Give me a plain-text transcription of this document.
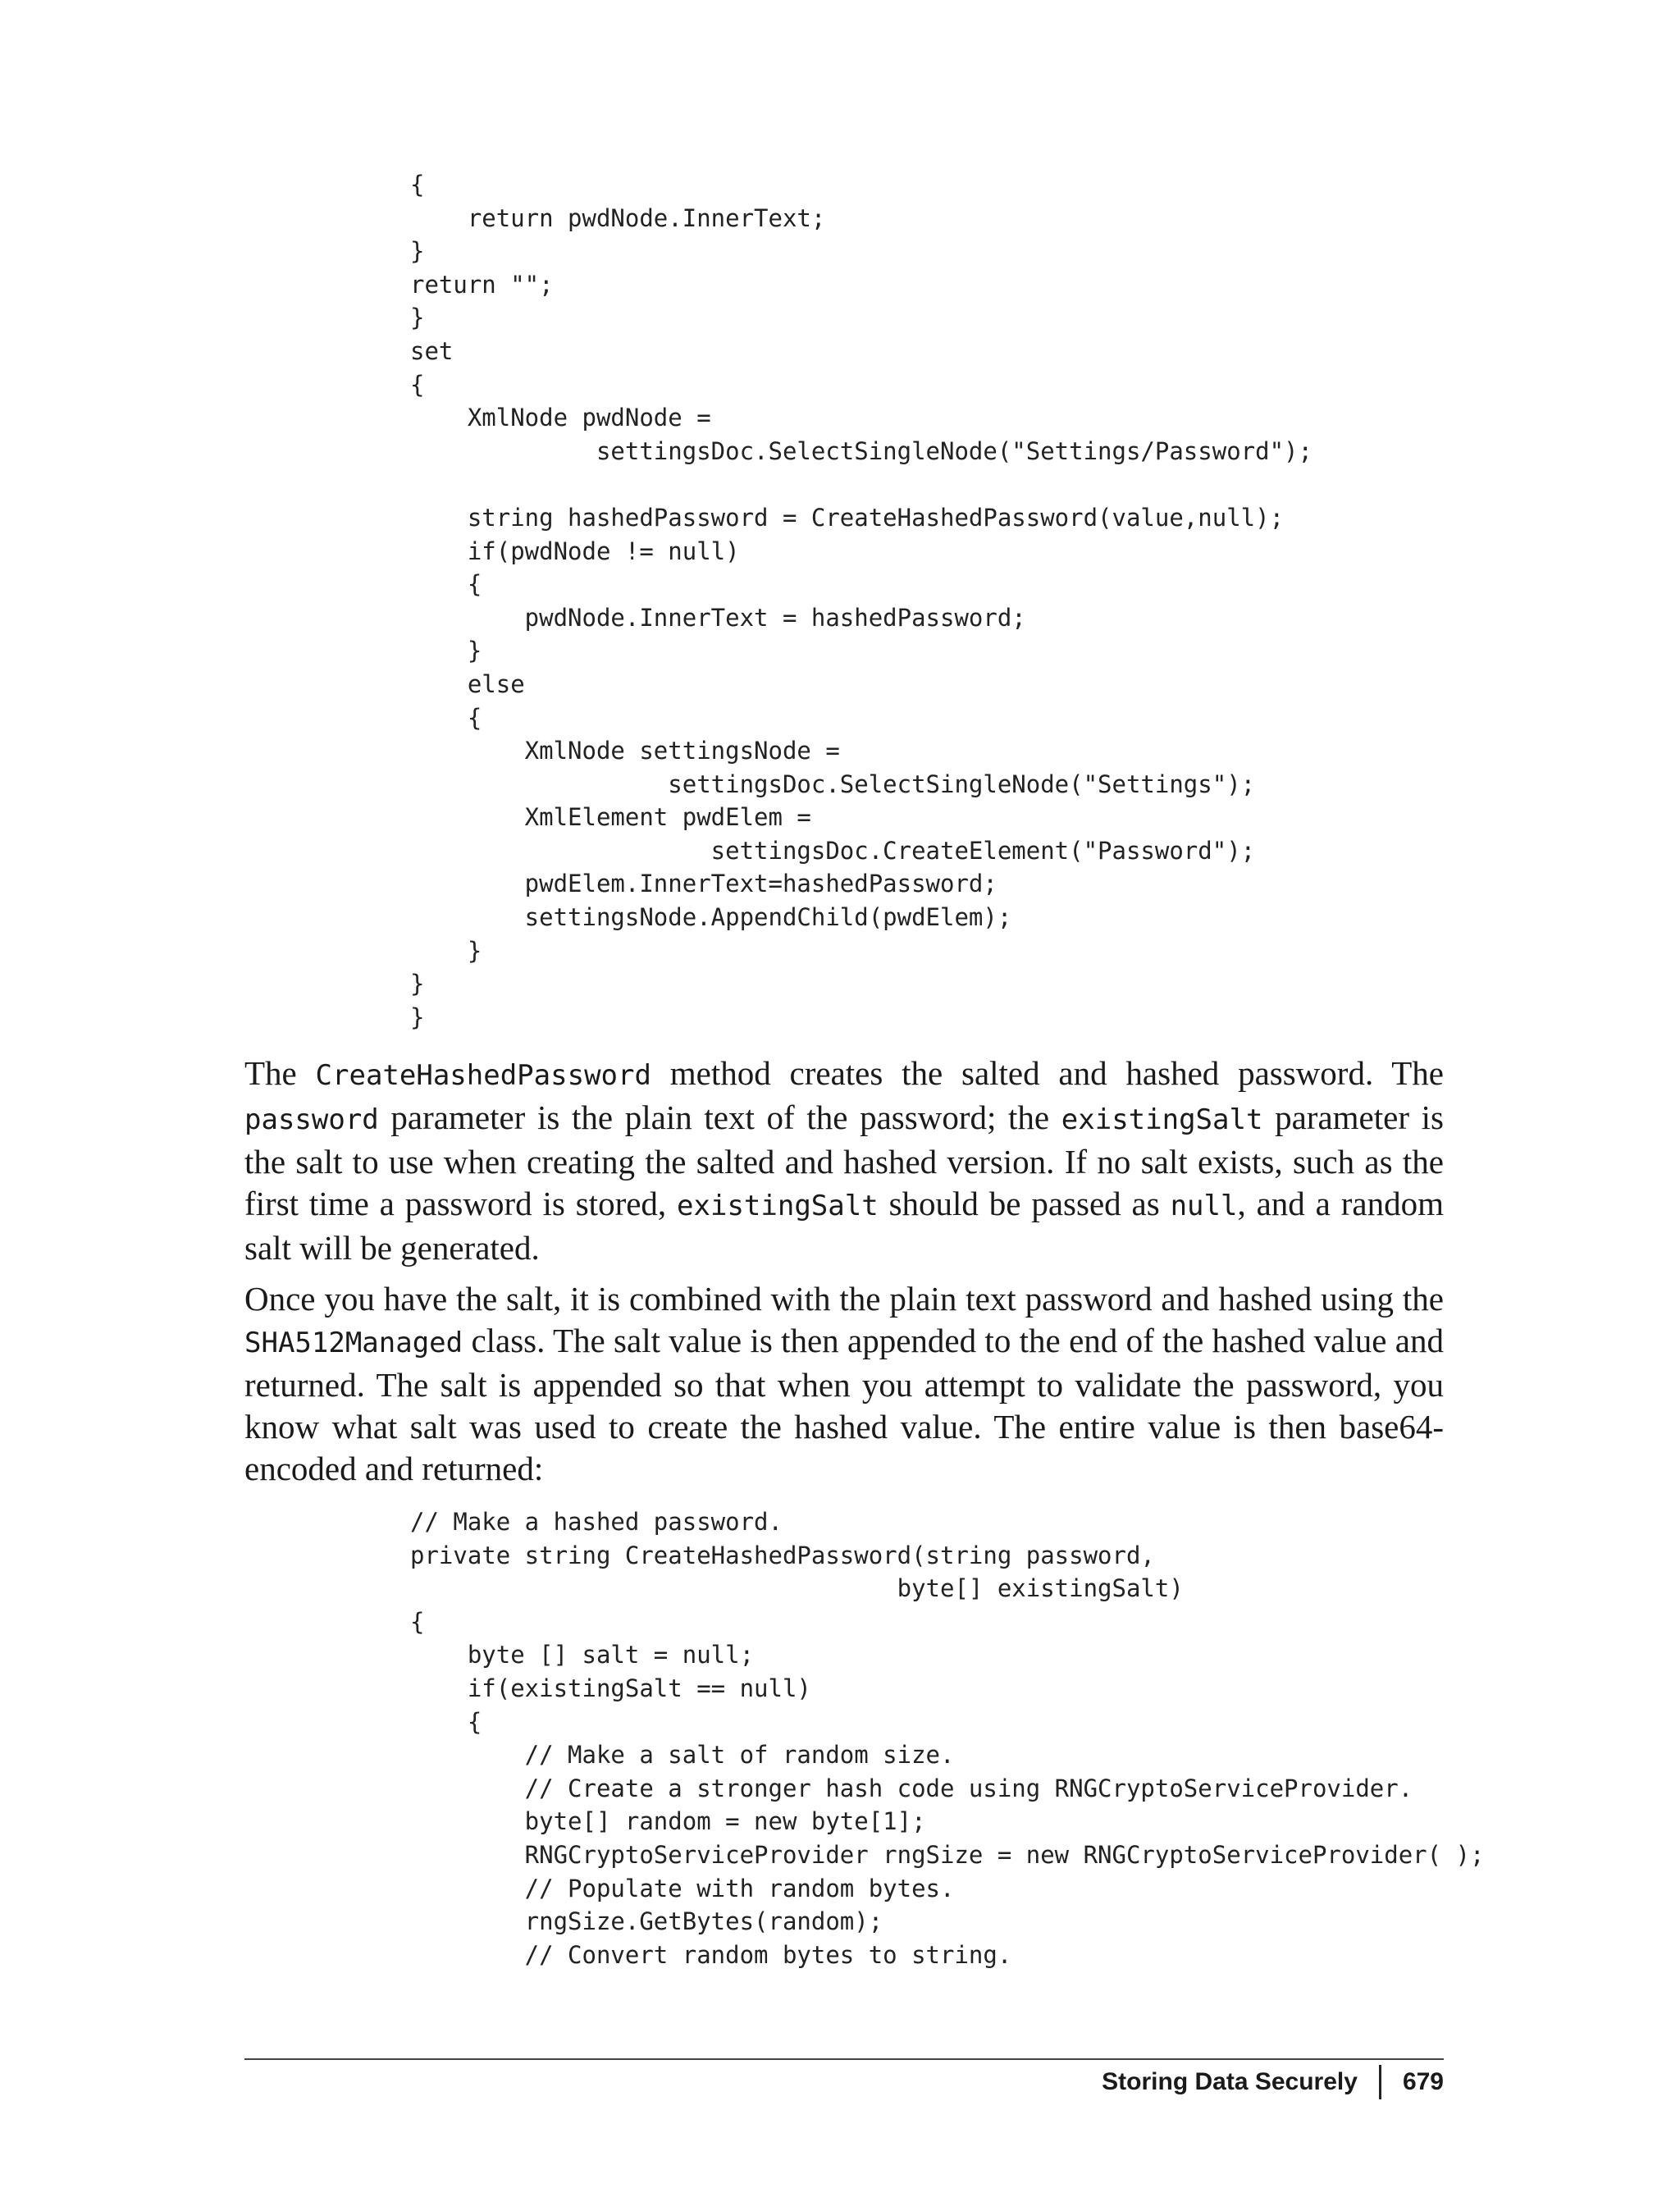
{
return pwdNode.InnerText;
}
return "";
}
set
{
XmlNode pwdNode =
settingsDoc.SelectSingleNode("Settings/Password");

string hashedPassword = CreateHashedPassword(value,null);
if(pwdNode != null)
{
pwdNode.InnerText = hashedPassword;
}
else
{
XmlNode settingsNode =
settingsDoc.SelectSingleNode("Settings");
XmlElement pwdElem =
settingsDoc.CreateElement("Password");
pwdElem.InnerText=hashedPassword;
settingsNode.AppendChild(pwdElem);
}
}
}

The CreateHashedPassword method creates the salted and hashed password. The password parameter is the plain text of the password; the existingSalt parameter is the salt to use when creating the salted and hashed version. If no salt exists, such as the first time a password is stored, existingSalt should be passed as null, and a random salt will be generated.

Once you have the salt, it is combined with the plain text password and hashed using the SHA512Managed class. The salt value is then appended to the end of the hashed value and returned. The salt is appended so that when you attempt to validate the password, you know what salt was used to create the hashed value. The entire value is then base64-encoded and returned:

// Make a hashed password.
private string CreateHashedPassword(string password,
byte[] existingSalt)
{
byte [] salt = null;
if(existingSalt == null)
{
// Make a salt of random size.
// Create a stronger hash code using RNGCryptoServiceProvider.
byte[] random = new byte[1];
RNGCryptoServiceProvider rngSize = new RNGCryptoServiceProvider( );
// Populate with random bytes.
rngSize.GetBytes(random);
// Convert random bytes to string.
Storing Data Securely 679
